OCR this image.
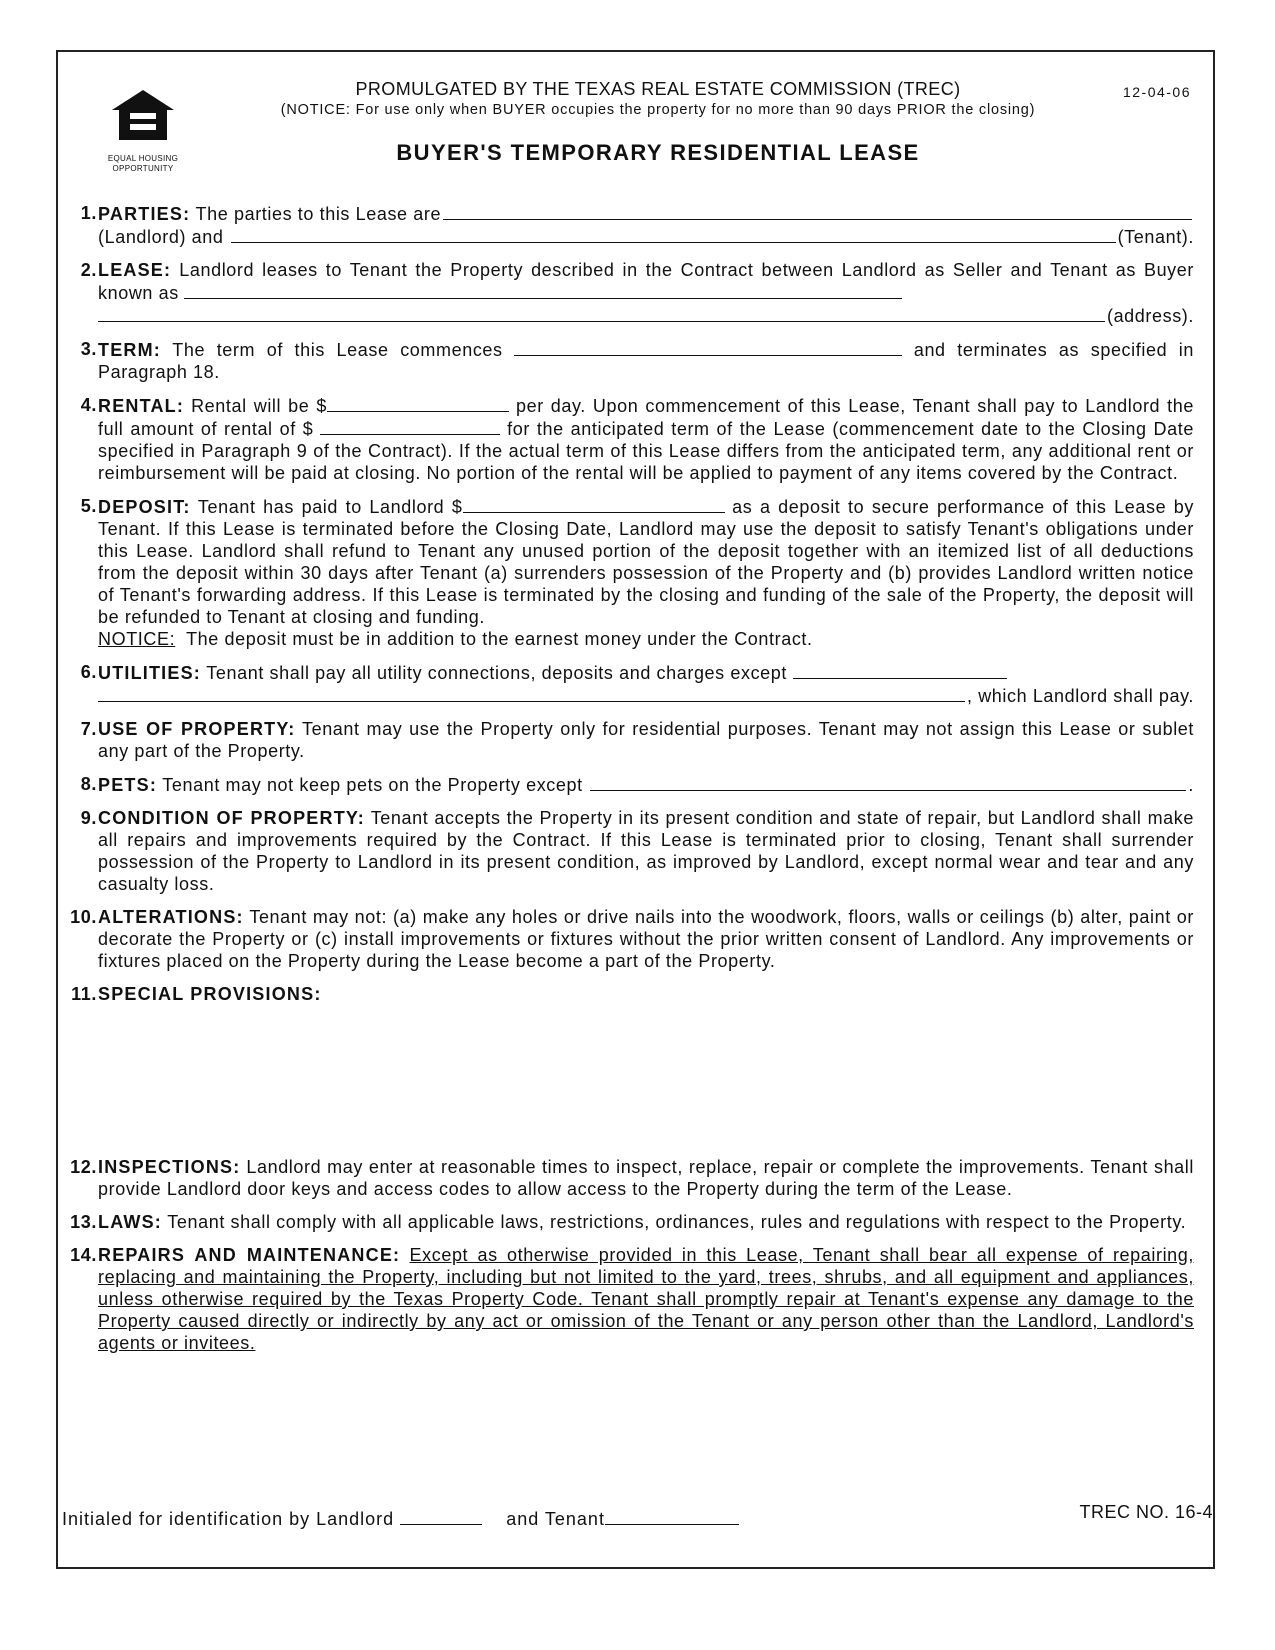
EQUAL HOUSING
OPPORTUNITY
PROMULGATED BY THE TEXAS REAL ESTATE COMMISSION (TREC)	12-04-06
(NOTICE: For use only when BUYER occupies the property for no more than 90 days PRIOR the closing)
BUYER'S TEMPORARY RESIDENTIAL LEASE
1. PARTIES: The parties to this Lease are
(Landlord) and	(Tenant).
2. LEASE: Landlord leases to Tenant the Property described in the Contract between Landlord as Seller and Tenant as Buyer known as
(address).
3. TERM: The term of this Lease commences	and terminates as specified in Paragraph 18.
4. RENTAL: Rental will be $	per day. Upon commencement of this Lease, Tenant shall pay to Landlord the full amount of rental of $	for the anticipated term of the Lease (commencement date to the Closing Date specified in Paragraph 9 of the Contract). If the actual term of this Lease differs from the anticipated term, any additional rent or reimbursement will be paid at closing. No portion of the rental will be applied to payment of any items covered by the Contract.
5. DEPOSIT: Tenant has paid to Landlord $	as a deposit to secure performance of this Lease by Tenant. If this Lease is terminated before the Closing Date, Landlord may use the deposit to satisfy Tenant's obligations under this Lease. Landlord shall refund to Tenant any unused portion of the deposit together with an itemized list of all deductions from the deposit within 30 days after Tenant (a) surrenders possession of the Property and (b) provides Landlord written notice of Tenant's forwarding address. If this Lease is terminated by the closing and funding of the sale of the Property, the deposit will be refunded to Tenant at closing and funding.
NOTICE:  The deposit must be in addition to the earnest money under the Contract.
6. UTILITIES: Tenant shall pay all utility connections, deposits and charges except
, which Landlord shall pay.
7. USE OF PROPERTY: Tenant may use the Property only for residential purposes. Tenant may not assign this Lease or sublet any part of the Property.
8. PETS: Tenant may not keep pets on the Property except	.
9. CONDITION OF PROPERTY: Tenant accepts the Property in its present condition and state of repair, but Landlord shall make all repairs and improvements required by the Contract. If this Lease is terminated prior to closing, Tenant shall surrender possession of the Property to Landlord in its present condition, as improved by Landlord, except normal wear and tear and any casualty loss.
10. ALTERATIONS: Tenant may not: (a) make any holes or drive nails into the woodwork, floors, walls or ceilings (b) alter, paint or decorate the Property or (c) install improvements or fixtures without the prior written consent of Landlord. Any improvements or fixtures placed on the Property during the Lease become a part of the Property.
11. SPECIAL PROVISIONS:
12. INSPECTIONS: Landlord may enter at reasonable times to inspect, replace, repair or complete the improvements. Tenant shall provide Landlord door keys and access codes to allow access to the Property during the term of the Lease.
13. LAWS: Tenant shall comply with all applicable laws, restrictions, ordinances, rules and regulations with respect to the Property.
14. REPAIRS AND MAINTENANCE: Except as otherwise provided in this Lease, Tenant shall bear all expense of repairing, replacing and maintaining the Property, including but not limited to the yard, trees, shrubs, and all equipment and appliances, unless otherwise required by the Texas Property Code. Tenant shall promptly repair at Tenant's expense any damage to the Property caused directly or indirectly by any act or omission of the Tenant or any person other than the Landlord, Landlord's agents or invitees.
Initialed for identification by Landlord	and Tenant	TREC NO. 16-4
